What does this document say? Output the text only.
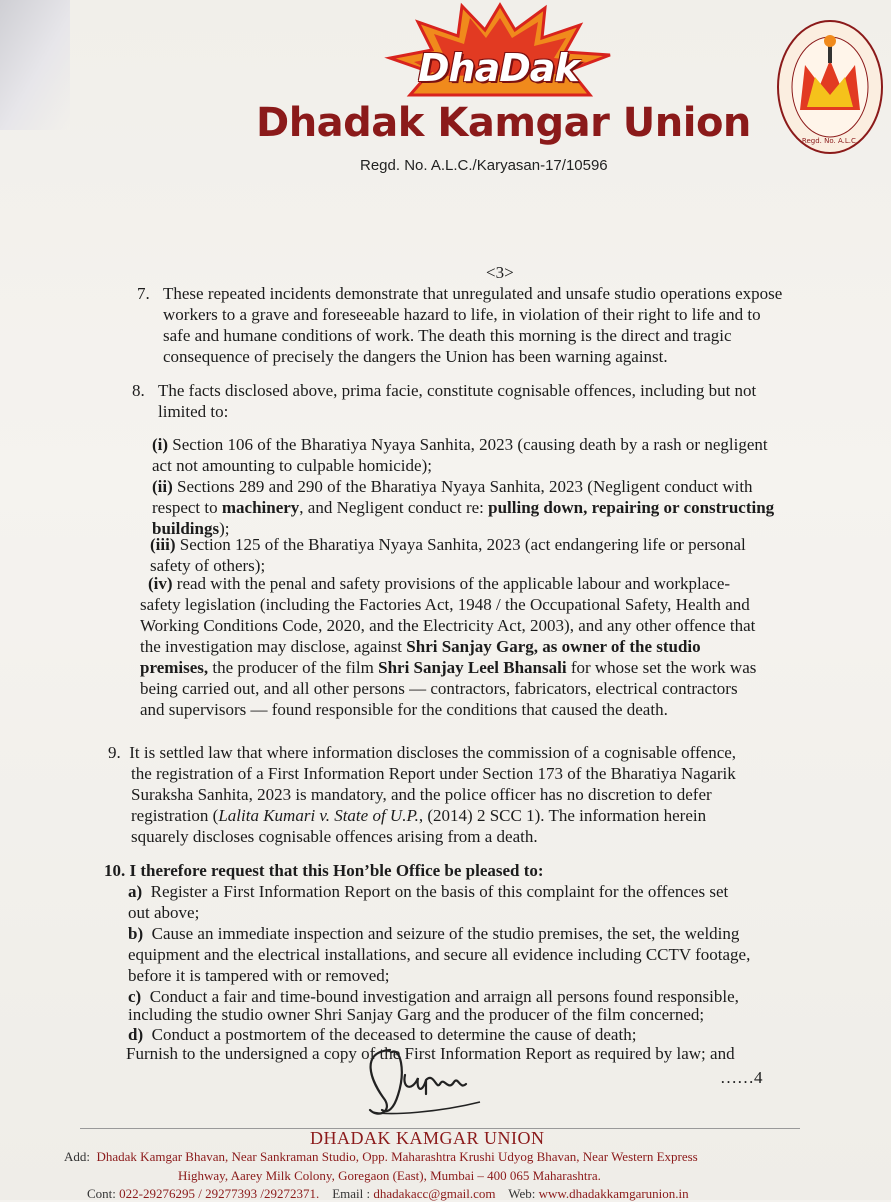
DhaDak
Dhadak Kamgar Union
Regd. No. A.L.C./Karyasan-17/10596
Regd. No. A.L.C.
<3>
7. These repeated incidents demonstrate that unregulated and unsafe studio operations expose
workers to a grave and foreseeable hazard to life, in violation of their right to life and to
safe and humane conditions of work. The death this morning is the direct and tragic
consequence of precisely the dangers the Union has been warning against.
8. The facts disclosed above, prima facie, constitute cognisable offences, including but not
limited to:
(i) Section 106 of the Bharatiya Nyaya Sanhita, 2023 (causing death by a rash or negligent
act not amounting to culpable homicide);
(ii) Sections 289 and 290 of the Bharatiya Nyaya Sanhita, 2023 (Negligent conduct with
respect to machinery, and Negligent conduct re: pulling down, repairing or constructing
buildings);
(iii) Section 125 of the Bharatiya Nyaya Sanhita, 2023 (act endangering life or personal
safety of others);
(iv) read with the penal and safety provisions of the applicable labour and workplace-
safety legislation (including the Factories Act, 1948 / the Occupational Safety, Health and
Working Conditions Code, 2020, and the Electricity Act, 2003), and any other offence that
the investigation may disclose, against Shri Sanjay Garg, as owner of the studio
premises, the producer of the film Shri Sanjay Leel Bhansali for whose set the work was
being carried out, and all other persons — contractors, fabricators, electrical contractors
and supervisors — found responsible for the conditions that caused the death.
9. It is settled law that where information discloses the commission of a cognisable offence,
the registration of a First Information Report under Section 173 of the Bharatiya Nagarik
Suraksha Sanhita, 2023 is mandatory, and the police officer has no discretion to defer
registration (Lalita Kumari v. State of U.P., (2014) 2 SCC 1). The information herein
squarely discloses cognisable offences arising from a death.
10. I therefore request that this Hon’ble Office be pleased to:
a) Register a First Information Report on the basis of this complaint for the offences set
out above;
b) Cause an immediate inspection and seizure of the studio premises, the set, the welding
equipment and the electrical installations, and secure all evidence including CCTV footage,
before it is tampered with or removed;
c) Conduct a fair and time-bound investigation and arraign all persons found responsible,
including the studio owner Shri Sanjay Garg and the producer of the film concerned;
d) Conduct a postmortem of the deceased to determine the cause of death;
Furnish to the undersigned a copy of the First Information Report as required by law; and
……4
DHADAK KAMGAR UNION
Add: Dhadak Kamgar Bhavan, Near Sankraman Studio, Opp. Maharashtra Krushi Udyog Bhavan, Near Western Express
Highway, Aarey Milk Colony, Goregaon (East), Mumbai – 400 065 Maharashtra.
Cont: 022-29276295 / 29277393 /29272371. Email : dhadakacc@gmail.com Web: www.dhadakkamgarunion.in
